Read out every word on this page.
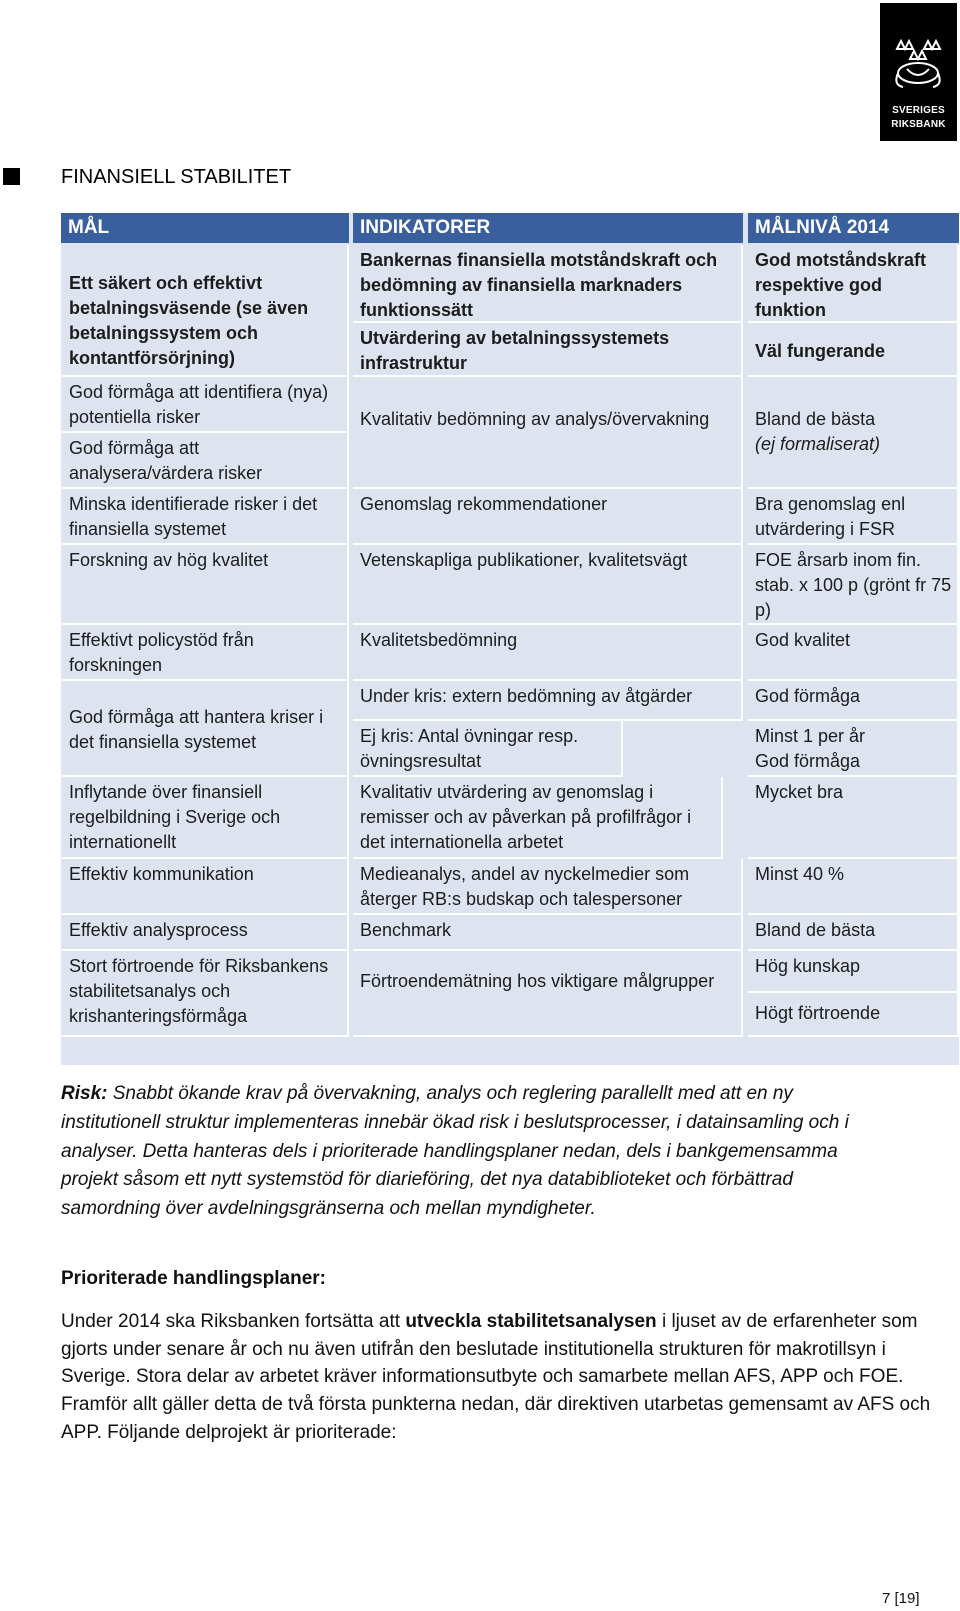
SVERIGES
RIKSBANK
FINANSIELL STABILITET
MÅL	INDIKATORER	MÅLNIVÅ 2014
Ett säkert och effektivt betalningsväsende (se även betalningssystem och kontantförsörjning)
God förmåga att identifiera (nya) potentiella risker
God förmåga att analysera/värdera risker
Minska identifierade risker i det finansiella systemet
Forskning av hög kvalitet
Effektivt policystöd från forskningen
God förmåga att hantera kriser i det finansiella systemet
Inflytande över finansiell regelbildning i Sverige och internationellt
Effektiv kommunikation
Effektiv analysprocess
Stort förtroende för Riksbankens stabilitetsanalys och krishanteringsförmåga
Bankernas finansiella motståndskraft och bedömning av finansiella marknaders funktionssätt
Utvärdering av betalningssystemets infrastruktur
Kvalitativ bedömning av analys/övervakning
Genomslag rekommendationer
Vetenskapliga publikationer, kvalitetsvägt
Kvalitetsbedömning
Under kris: extern bedömning av åtgärder
Ej kris: Antal övningar resp. övningsresultat
Kvalitativ utvärdering av genomslag i remisser och av påverkan på profilfrågor i det internationella arbetet
Medieanalys, andel av nyckelmedier som återger RB:s budskap och talespersoner
Benchmark
Förtroendemätning hos viktigare målgrupper
God motståndskraft respektive god funktion
Väl fungerande
Bland de bästa
(ej formaliserat)
Bra genomslag enl utvärdering i FSR
FOE årsarb inom fin. stab. x 100 p (grönt fr 75 p)
God kvalitet
God förmåga
Minst 1 per år
God förmåga
Mycket bra
Minst 40 %
Bland de bästa
Hög kunskap
Högt förtroende
Risk: Snabbt ökande krav på övervakning, analys och reglering parallellt med att en ny institutionell struktur implementeras innebär ökad risk i beslutsprocesser, i datainsamling och i analyser. Detta hanteras dels i prioriterade handlingsplaner nedan, dels i bankgemensamma projekt såsom ett nytt systemstöd för diarieföring, det nya databiblioteket och förbättrad samordning över avdelningsgränserna och mellan myndigheter.
Prioriterade handlingsplaner:
Under 2014 ska Riksbanken fortsätta att utveckla stabilitetsanalysen i ljuset av de erfarenheter som gjorts under senare år och nu även utifrån den beslutade institutionella strukturen för makrotillsyn i Sverige. Stora delar av arbetet kräver informationsutbyte och samarbete mellan AFS, APP och FOE. Framför allt gäller detta de två första punkterna nedan, där direktiven utarbetas gemensamt av AFS och APP. Följande delprojekt är prioriterade:
7 [19]
